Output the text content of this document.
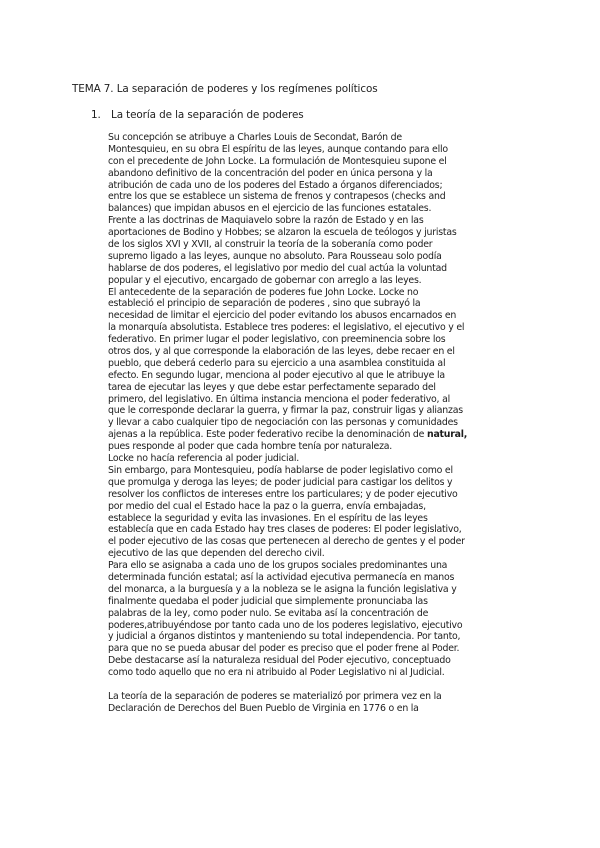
TEMA 7. La separación de poderes y los regímenes políticos
1. La teoría de la separación de poderes
Su concepción se atribuye a Charles Louis de Secondat, Barón de
Montesquieu, en su obra El espíritu de las leyes, aunque contando para ello
con el precedente de John Locke. La formulación de Montesquieu supone el
abandono definitivo de la concentración del poder en única persona y la
atribución de cada uno de los poderes del Estado a órganos diferenciados;
entre los que se establece un sistema de frenos y contrapesos (checks and
balances) que impidan abusos en el ejercicio de las funciones estatales.
Frente a las doctrinas de Maquiavelo sobre la razón de Estado y en las
aportaciones de Bodino y Hobbes; se alzaron la escuela de teólogos y juristas
de los siglos XVI y XVII, al construir la teoría de la soberanía como poder
supremo ligado a las leyes, aunque no absoluto. Para Rousseau solo podía
hablarse de dos poderes, el legislativo por medio del cual actúa la voluntad
popular y el ejecutivo, encargado de gobernar con arreglo a las leyes.
El antecedente de la separación de poderes fue John Locke. Locke no
estableció el principio de separación de poderes , sino que subrayó la
necesidad de limitar el ejercicio del poder evitando los abusos encarnados en
la monarquía absolutista. Establece tres poderes: el legislativo, el ejecutivo y el
federativo. En primer lugar el poder legislativo, con preeminencia sobre los
otros dos, y al que corresponde la elaboración de las leyes, debe recaer en el
pueblo, que deberá cederlo para su ejercicio a una asamblea constituida al
efecto. En segundo lugar, menciona al poder ejecutivo al que le atribuye la
tarea de ejecutar las leyes y que debe estar perfectamente separado del
primero, del legislativo. En última instancia menciona el poder federativo, al
que le corresponde declarar la guerra, y firmar la paz, construir ligas y alianzas
y llevar a cabo cualquier tipo de negociación con las personas y comunidades
ajenas a la república. Este poder federativo recibe la denominación de natural,
pues responde al poder que cada hombre tenía por naturaleza.
Locke no hacía referencia al poder judicial.
Sin embargo, para Montesquieu, podía hablarse de poder legislativo como el
que promulga y deroga las leyes; de poder judicial para castigar los delitos y
resolver los conflictos de intereses entre los particulares; y de poder ejecutivo
por medio del cual el Estado hace la paz o la guerra, envía embajadas,
establece la seguridad y evita las invasiones. En el espíritu de las leyes
establecía que en cada Estado hay tres clases de poderes: El poder legislativo,
el poder ejecutivo de las cosas que pertenecen al derecho de gentes y el poder
ejecutivo de las que dependen del derecho civil.
Para ello se asignaba a cada uno de los grupos sociales predominantes una
determinada función estatal; así la actividad ejecutiva permanecía en manos
del monarca, a la burguesía y a la nobleza se le asigna la función legislativa y
finalmente quedaba el poder judicial que simplemente pronunciaba las
palabras de la ley, como poder nulo. Se evitaba así la concentración de
poderes,atribuyéndose por tanto cada uno de los poderes legislativo, ejecutivo
y judicial a órganos distintos y manteniendo su total independencia. Por tanto,
para que no se pueda abusar del poder es preciso que el poder frene al Poder.
Debe destacarse así la naturaleza residual del Poder ejecutivo, conceptuado
como todo aquello que no era ni atribuido al Poder Legislativo ni al Judicial.
La teoría de la separación de poderes se materializó por primera vez en la
Declaración de Derechos del Buen Pueblo de Virginia en 1776 o en la
